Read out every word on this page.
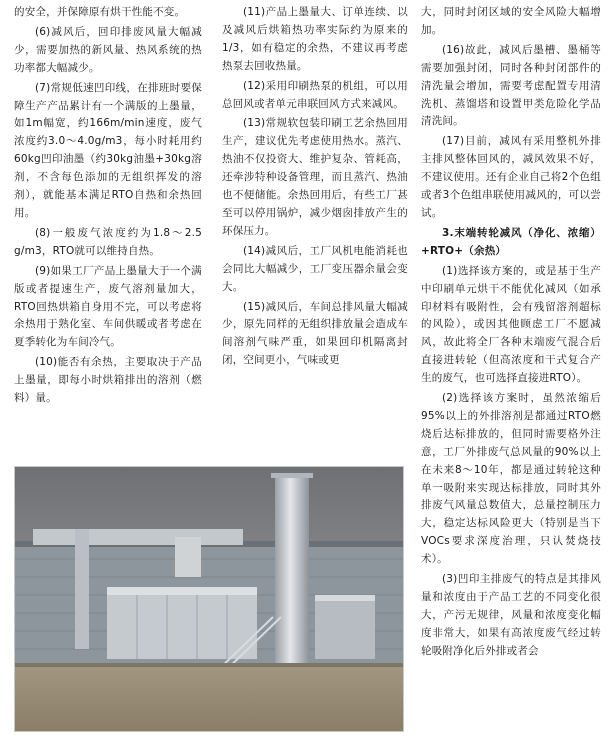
的安全，并保障原有烘干性能不变。

(6)减风后，回印排废风量大幅减少，需要加热的新风量、热风系统的热功率都大幅减少。

(7)常规低速凹印线，在排班时要保障生产产品累计有一个满版的上墨量，如1m幅宽，约166m/min速度，废气浓度约3.0～4.0g/m3，每小时耗用约60kg凹印油墨（约30kg油墨+30kg溶剂，不含每色添加的无组织挥发的溶剂），就能基本满足RTO自热和余热回用。

(8)一般废气浓度约为1.8～2.5 g/m3，RTO就可以维持自热。

(9)如果工厂产品上墨量大于一个满版或者提速生产，废气溶剂量加大，RTO回热烘箱自身用不完，可以考虑将余热用于熟化室、车间供暖或者考虑在夏季转化为车间冷气。

(10)能否有余热，主要取决于产品上墨量，即每小时烘箱排出的溶剂（燃料）量。

(11)产品上墨量大、订单连续、以及减风后烘箱热功率实际约为原来的1/3，如有稳定的余热，不建议再考虑热泵去回收热量。

(12)采用印刷热泵的机组，可以用总回风或者单元串联回风方式来减风。

(13)常规软包装印刷工艺余热回用生产，建议优先考虑使用热水。蒸汽、热油不仅投资大、维护复杂、管耗高，还牵涉特种设备管理，而且蒸汽、热油也不便储能。余热回用后，有些工厂甚至可以停用锅炉，减少烟囱排放产生的环保压力。

(14)减风后，工厂风机电能消耗也会同比大幅减少，工厂变压器余量会变大。

(15)减风后，车间总排风量大幅减少，原先同样的无组织排放量会造成车间溶剂气味严重，如果回印机隔离封闭，空间更小，气味或更

大，同时封闭区域的安全风险大幅增加。

(16)故此，减风后墨槽、墨桶等需要加强封闭，同时各种封闭部件的清洗量会增加，需要考虑配置专用清洗机、蒸馏塔和设置甲类危险化学品清洗间。

(17)目前，减风有采用整机外排主排风整体回风的，减风效果不好，不建议使用。还有企业自己将2个色组或者3个色组串联使用减风的，可以尝试。

3.末端转轮减风（净化、浓缩）+RTO+（余热）

(1)选择该方案的，或是基于生产中印刷单元烘干不能优化减风（如承印材料有吸附性，会有残留溶剂超标的风险），或因其他顾虑工厂不愿减风，故此将全厂各种末端废气混合后直接进转轮（但高浓度和干式复合产生的废气，也可选择直接进RTO）。

(2)选择该方案时，虽然浓缩后95%以上的外排溶剂是都通过RTO燃烧后达标排放的，但同时需要格外注意，工厂外排废气总风量的90%以上在未来8～10年，都是通过转轮这种单一吸附来实现达标排放，同时其外排废气风量总数值大，总量控制压力大，稳定达标风险更大（特别是当下VOCs要求深度治理，只认焚烧技术）。

(3)凹印主排废气的特点是其排风量和浓度由于产品工艺的不同变化很大，产污无规律，风量和浓度变化幅度非常大，如果有高浓度废气经过转轮吸附净化后外排或者会
